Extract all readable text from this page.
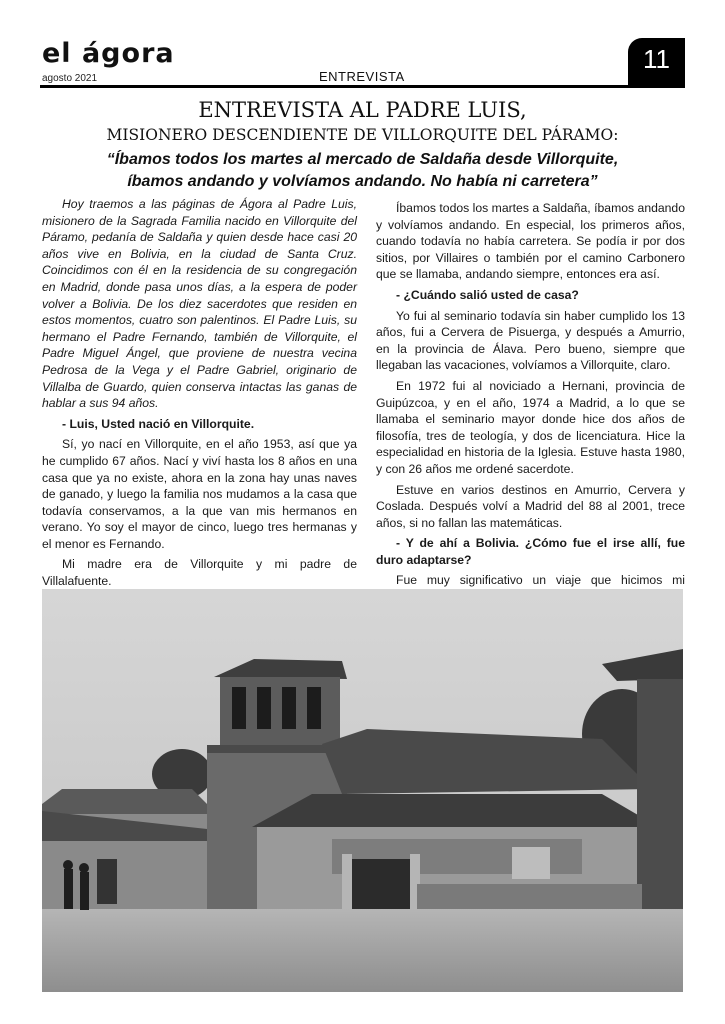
el ágora
agosto 2021	ENTREVISTA
11
ENTREVISTA AL PADRE LUIS,
MISIONERO DESCENDIENTE DE VILLORQUITE DEL PÁRAMO:
“Íbamos todos los martes al mercado de Saldaña desde Villorquite,
íbamos andando y volvíamos andando. No había ni carretera”

Hoy traemos a las páginas de Ágora al Padre Luis, misionero de la Sagrada Familia nacido en Villorquite del Páramo, pedanía de Saldaña y quien desde hace casi 20 años vive en Bolivia, en la ciudad de Santa Cruz. Coincidimos con él en la residencia de su congregación en Madrid, donde pasa unos días, a la espera de poder volver a Bolivia. De los diez sacerdotes que residen en estos momentos, cuatro son palentinos. El Padre Luis, su hermano el Padre Fernando, también de Villorquite, el Padre Miguel Ángel, que proviene de nuestra vecina Pedrosa de la Vega y el Padre Gabriel, originario de Villalba de Guardo, quien conserva intactas las ganas de hablar a sus 94 años.

- Luis, Usted nació en Villorquite.

Sí, yo nací en Villorquite, en el año 1953, así que ya he cumplido 67 años. Nací y viví hasta los 8 años en una casa que ya no existe, ahora en la zona hay unas naves de ganado, y luego la familia nos mudamos a la casa que todavía conservamos, a la que van mis hermanos en verano. Yo soy el mayor de cinco, luego tres hermanas y el menor es Fernando.

Mi madre era de Villorquite y mi padre de Villalafuente.

Íbamos todos los martes a Saldaña, íbamos andando y volvíamos andando. En especial, los primeros años, cuando todavía no había carretera. Se podía ir por dos sitios, por Villaires o también por el camino Carbonero que se llamaba, andando siempre, entonces era así.

- ¿Cuándo salió usted de casa?

Yo fui al seminario todavía sin haber cumplido los 13 años, fui a Cervera de Pisuerga, y después a Amurrio, en la provincia de Álava. Pero bueno, siempre que llegaban las vacaciones, volvíamos a Villorquite, claro.

En 1972 fui al noviciado a Hernani, provincia de Guipúzcoa, y en el año, 1974 a Madrid, a lo que se llamaba el seminario mayor donde hice dos años de filosofía, tres de teología, y dos de licenciatura. Hice la especialidad en historia de la Iglesia. Estuve hasta 1980, y con 26 años me ordené sacerdote.

Estuve en varios destinos en Amurrio, Cervera y Coslada. Después volví a Madrid del 88 al 2001, trece años, si no fallan las matemáticas.

- Y de ahí a Bolivia. ¿Cómo fue el irse allí, fue duro adaptarse?

Fue muy significativo un viaje que hicimos mi
